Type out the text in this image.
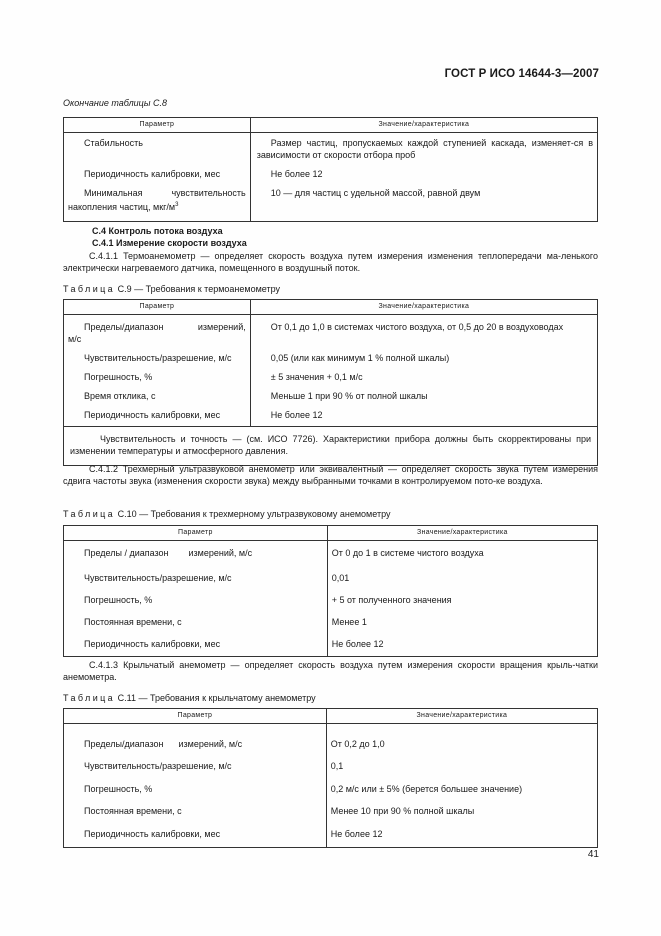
ГОСТ Р ИСО 14644-3—2007
Окончание таблицы С.8
Параметр	Значение/характеристика
Стабильность	Размер частиц, пропускаемых каждой ступенией каскада, изменяет-ся в зависимости от скорости отбора проб
Периодичность калибровки, мес	Не более 12
Минимальная чувствительность накопления частиц, мкг/$м^3$	10 — для частиц с удельной массой, равной двум
С.4 Контроль потока воздуха
С.4.1 Измерение скорости воздуха
С.4.1.1 Термоанемометр — определяет скорость воздуха путем измерения изменения теплопередачи ма-ленького электрически нагреваемого датчика, помещенного в воздушный поток.
Таблица С.9 — Требования к термоанемометру
Параметр	Значение/характеристика

Пределы/диапазон измерений,
м/с	От 0,1 до 1,0 в системах чистого воздуха, от 0,5 до 20 в воздуховодах
Чувствительность/разрешение, м/с	0,05 (или как минимум 1 % полной шкалы)
Погрешность, %	± 5 значения + 0,1 м/с
Время отклика, с	Меньше 1 при 90 % от полной шкалы
Периодичность калибровки, мес	Не более 12
Чувствительность и точность — (см. ИСО 7726). Характеристики прибора должны быть скорректированы при изменении температуры и атмосферного давления.	
С.4.1.2 Трехмерный ультразвуковой анемометр или эквивалентный — определяет скорость звука путем измерения сдвига частоты звука (изменения скорости звука) между выбранными точками в контролируемом пото-ке воздуха.
Таблица С.10 — Требования к трехмерному ультразвуковому анемометру
Параметр	Значение/характеристика
Пределы / диапазон        измерений, м/с	От 0 до 1 в системе чистого воздуха
Чувствительность/разрешение, м/с	0,01
Погрешность, %	+ 5 от полученного значения
Постоянная времени, с	Менее 1
Периодичность калибровки, мес	Не более 12
С.4.1.3 Крыльчатый анемометр — определяет скорость воздуха путем измерения скорости вращения крыль-чатки анемометра.
Таблица С.11 — Требования к крыльчатому анемометру
Параметр	Значение/характеристика
Пределы/диапазон      измерений, м/с	От 0,2 до 1,0
Чувствительность/разрешение, м/с	0,1
Погрешность, %	0,2 м/с или ± 5% (берется большее значение)
Постоянная времени, с	Менее 10 при 90 % полной шкалы
Периодичность калибровки, мес	Не более 12
41
